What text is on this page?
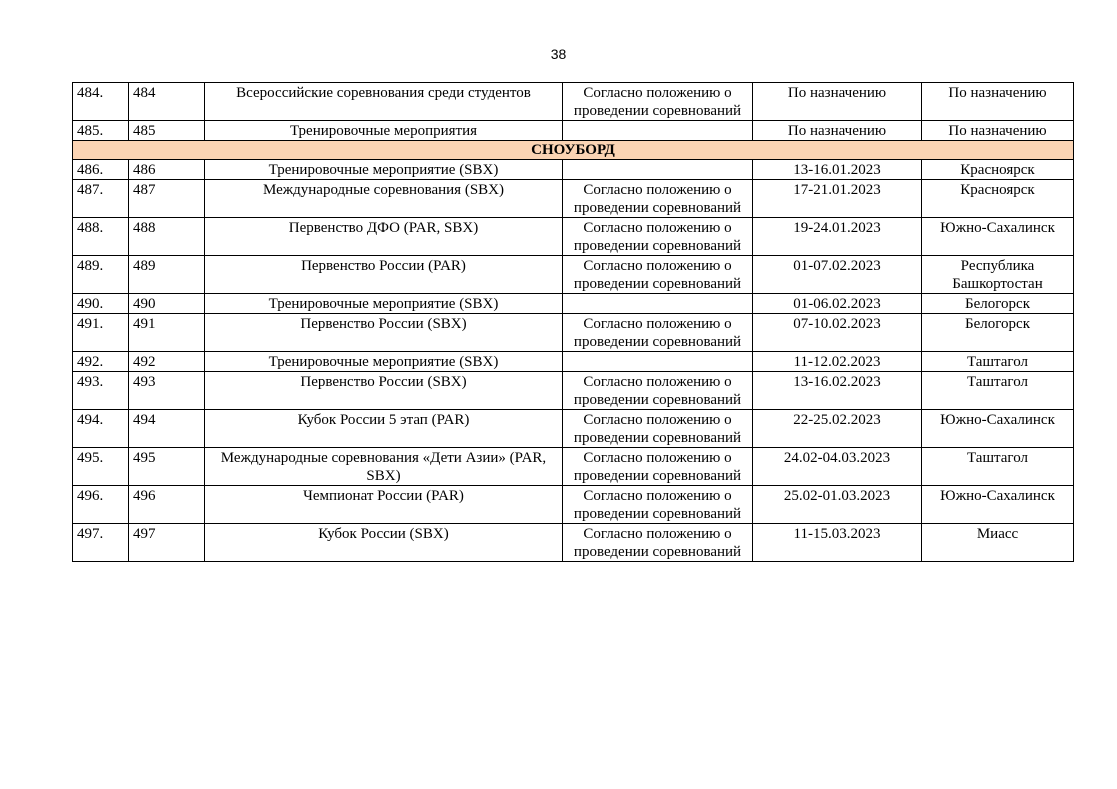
38
484.	484	Всероссийские соревнования среди студентов	Согласно положению о проведении соревнований	По назначению	По назначению
485.	485	Тренировочные мероприятия		По назначению	По назначению
СНОУБОРД					
486.	486	Тренировочные мероприятие (SBX)		13-16.01.2023	Красноярск
487.	487	Международные соревнования (SBX)	Согласно положению о проведении соревнований	17-21.01.2023	Красноярск
488.	488	Первенство ДФО (PAR, SBX)	Согласно положению о проведении соревнований	19-24.01.2023	Южно-Сахалинск
489.	489	Первенство России (PAR)	Согласно положению о проведении соревнований	01-07.02.2023	Республика Башкортостан
490.	490	Тренировочные мероприятие (SBX)		01-06.02.2023	Белогорск
491.	491	Первенство России (SBX)	Согласно положению о проведении соревнований	07-10.02.2023	Белогорск
492.	492	Тренировочные мероприятие (SBX)		11-12.02.2023	Таштагол
493.	493	Первенство России (SBX)	Согласно положению о проведении соревнований	13-16.02.2023	Таштагол
494.	494	Кубок России 5 этап (PAR)	Согласно положению о проведении соревнований	22-25.02.2023	Южно-Сахалинск
495.	495	Международные соревнования «Дети Азии» (PAR, SBX)	Согласно положению о проведении соревнований	24.02-04.03.2023	Таштагол
496.	496	Чемпионат России (PAR)	Согласно положению о проведении соревнований	25.02-01.03.2023	Южно-Сахалинск
497.	497	Кубок России (SBX)	Согласно положению о проведении соревнований	11-15.03.2023	Миасс
